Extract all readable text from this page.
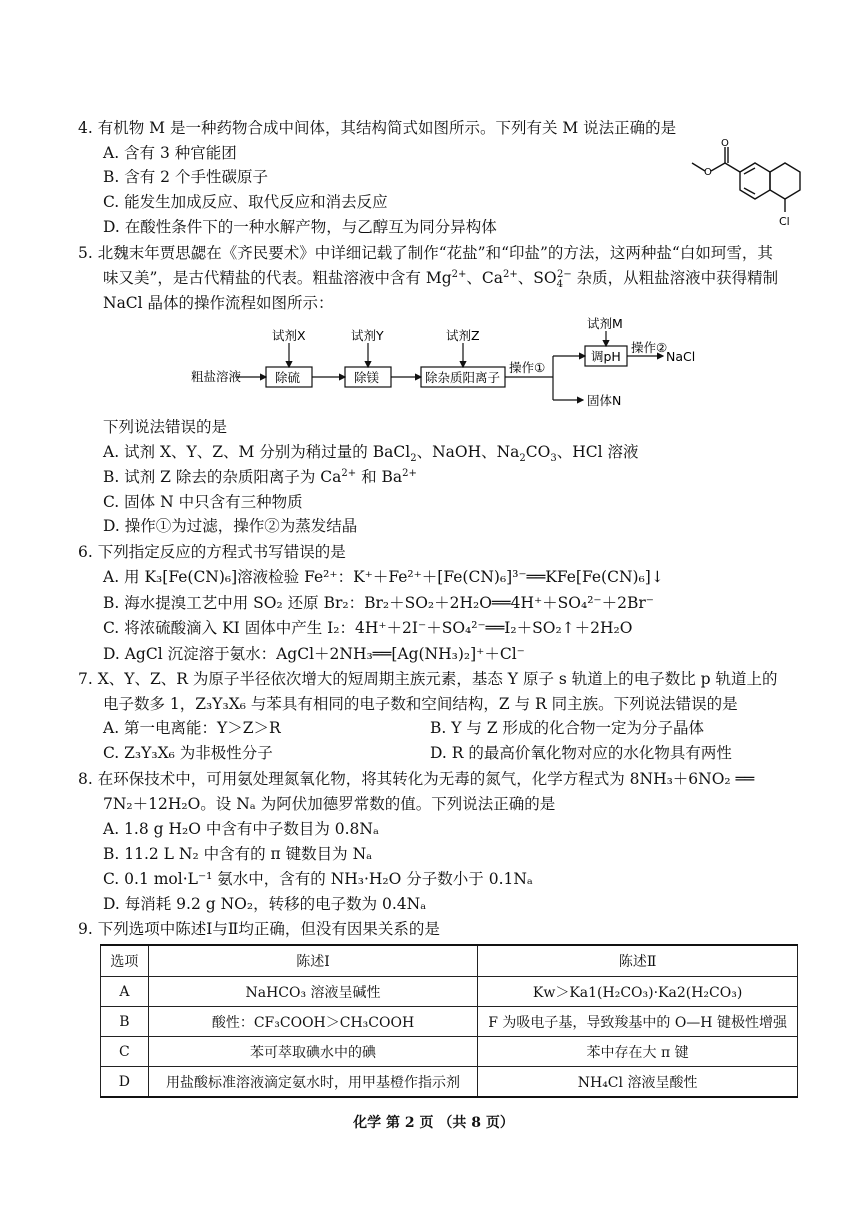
4. 有机物 M 是一种药物合成中间体，其结构简式如图所示。下列有关 M 说法正确的是
A. 含有 3 种官能团
B. 含有 2 个手性碳原子
C. 能发生加成反应、取代反应和消去反应
D. 在酸性条件下的一种水解产物，与乙醇互为同分异构体
O
O
Cl
5. 北魏末年贾思勰在《齐民要术》中详细记载了制作“花盐”和“印盐”的方法，这两种盐“白如珂雪，其
味又美”，是古代精盐的代表。粗盐溶液中含有 $Mg^{2+}$、$Ca^{2+}$、$SO_4^{2-}$ 杂质，从粗盐溶液中获得精制
NaCl 晶体的操作流程如图所示：
粗盐溶液	除硫	除镁	除杂质阳离子
调pH
试剂X	试剂Y	试剂Z
试剂M
操作①
操作②
NaCl
固体N
下列说法错误的是
A. 试剂 X、Y、Z、M 分别为稍过量的 BaCl$_2$、NaOH、$Na_2CO_3$、HCl 溶液
B. 试剂 Z 除去的杂质阳离子为 $Ca^{2+}$ 和 $Ba^{2+}$
C. 固体 N 中只含有三种物质
D. 操作①为过滤，操作②为蒸发结晶
6. 下列指定反应的方程式书写错误的是
A. 用 K₃[Fe(CN)₆]溶液检验 Fe²⁺：K⁺＋Fe²⁺＋[Fe(CN)₆]³⁻══KFe[Fe(CN)₆]↓
B. 海水提溴工艺中用 SO₂ 还原 Br₂：Br₂＋SO₂＋2H₂O══4H⁺＋SO₄²⁻＋2Br⁻
C. 将浓硫酸滴入 KI 固体中产生 I₂：4H⁺＋2I⁻＋SO₄²⁻══I₂＋SO₂↑＋2H₂O
D. AgCl 沉淀溶于氨水：AgCl＋2NH₃══[Ag(NH₃)₂]⁺＋Cl⁻
7. X、Y、Z、R 为原子半径依次增大的短周期主族元素，基态 Y 原子 s 轨道上的电子数比 p 轨道上的
电子数多 1，Z₃Y₃X₆ 与苯具有相同的电子数和空间结构，Z 与 R 同主族。下列说法错误的是
A. 第一电离能：Y＞Z＞R	B. Y 与 Z 形成的化合物一定为分子晶体
C. Z₃Y₃X₆ 为非极性分子	D. R 的最高价氧化物对应的水化物具有两性
8. 在环保技术中，可用氨处理氮氧化物，将其转化为无毒的氮气，化学方程式为 8NH₃＋6NO₂ ══
7N₂＋12H₂O。设 Nₐ 为阿伏加德罗常数的值。下列说法正确的是
A. 1.8 g H₂O 中含有中子数目为 0.8Nₐ
B. 11.2 L N₂ 中含有的 π 键数目为 Nₐ
C. 0.1 mol·L⁻¹ 氨水中，含有的 NH₃·H₂O 分子数小于 0.1Nₐ
D. 每消耗 9.2 g NO₂，转移的电子数为 0.4Nₐ
9. 下列选项中陈述Ⅰ与Ⅱ均正确，但没有因果关系的是
选项	陈述Ⅰ	陈述Ⅱ
A	NaHCO₃ 溶液呈碱性	Kw＞Ka1(H₂CO₃)·Ka2(H₂CO₃)
B	酸性：CF₃COOH＞CH₃COOH	F 为吸电子基，导致羧基中的 O—H 键极性增强
C	苯可萃取碘水中的碘	苯中存在大 π 键
D	用盐酸标准溶液滴定氨水时，用甲基橙作指示剂	NH₄Cl 溶液呈酸性
化学 第 2 页 （共 8 页）
